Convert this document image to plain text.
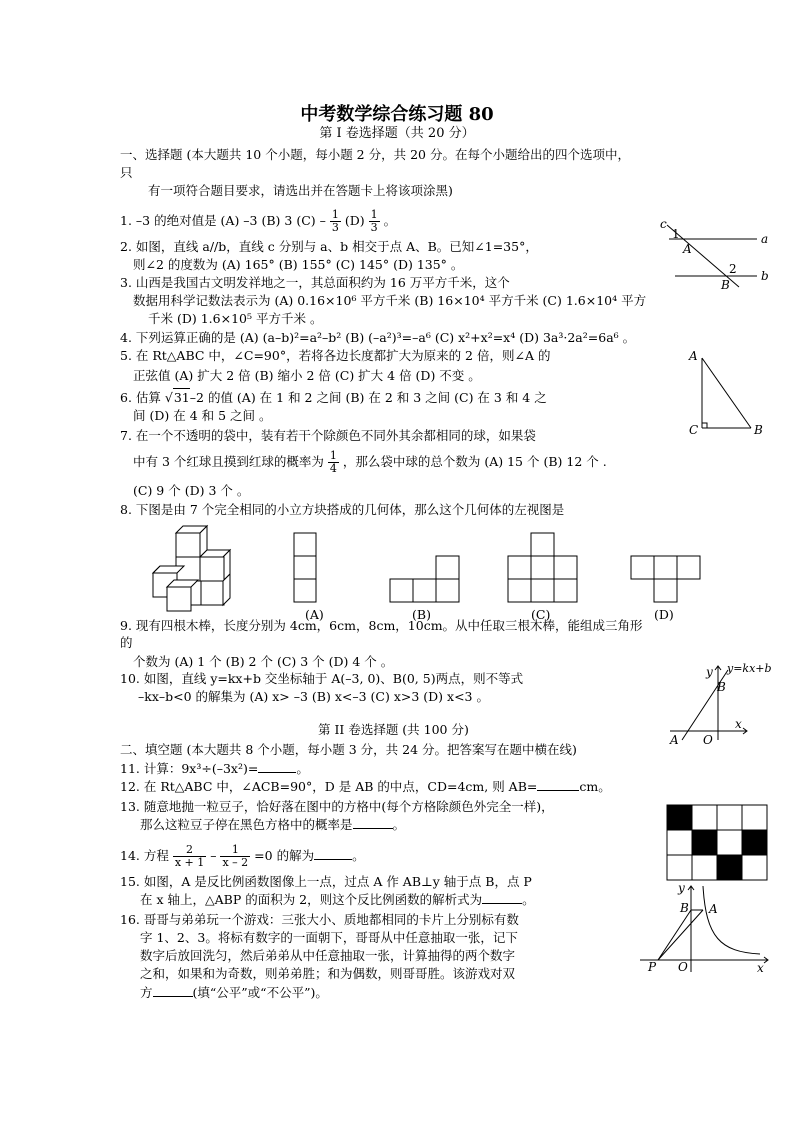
中考数学综合练习题 80
第 I 卷选择题（共 20 分）
一、选择题 (本大题共 10 个小题，每小题 2 分，共 20 分。在每个小题给出的四个选项中，
只
有一项符合题目要求，请选出并在答题卡上将该项涂黑)
1. –3 的绝对值是 (A) –3 (B) 3 $(C) - \frac{1}{3} (D) \frac{1}{3}$ 。
2. 如图，直线 a//b，直线 c 分别与 a、b 相交于点 A、B。已知∠1=35°，
则∠2 的度数为 (A) 165° (B) 155° (C) 145° (D) 135° 。
3. 山西是我国古文明发祥地之一，其总面积约为 16 万平方千米，这个
数据用科学记数法表示为 (A) 0.16×10⁶ 平方千米 (B) 16×10⁴ 平方千米 (C) 1.6×10⁴ 平方
千米 (D) 1.6×10⁵ 平方千米 。
4. 下列运算正确的是 (A) (a–b)²=a²–b² (B) (–a²)³=–a⁶ (C) x²+x²=x⁴ (D) 3a³·2a²=6a⁶ 。
5. 在 Rt△ABC 中，∠C=90°，若将各边长度都扩大为原来的 2 倍，则∠A 的
正弦值 (A) 扩大 2 倍 (B) 缩小 2 倍 (C) 扩大 4 倍 (D) 不变 。
6. 估算 √31–2 的值 (A) 在 1 和 2 之间 (B) 在 2 和 3 之间 (C) 在 3 和 4 之
间 (D) 在 4 和 5 之间 。
7. 在一个不透明的袋中，装有若干个除颜色不同外其余都相同的球，如果袋
中有 3 个红球且摸到红球的概率为 $\frac{1}{4}$ ，那么袋中球的总个数为 (A) 15 个 (B) 12 个 .
(C) 9 个 (D) 3 个 。
8. 下图是由 7 个完全相同的小立方块搭成的几何体，那么这个几何体的左视图是
9. 现有四根木棒，长度分别为 4cm，6cm，8cm，10cm。从中任取三根木棒，能组成三角形
的
个数为 (A) 1 个 (B) 2 个 (C) 3 个 (D) 4 个 。
(A)	(B)	(C)	(D)
10. 如图，直线 y=kx+b 交坐标轴于 A(–3, 0)、B(0, 5)两点，则不等式
–kx–b<0 的解集为 (A) x> –3 (B) x<–3 (C) x>3 (D) x<3 。
第 II 卷选择题 (共 100 分)
二、填空题 (本大题共 8 个小题，每小题 3 分，共 24 分。把答案写在题中横在线)
11. 计算：9x³÷(–3x²)=	。
12. 在 Rt△ABC 中，∠ACB=90°，D 是 AB 的中点，CD=4cm, 则 AB=	cm。
13. 随意地抛一粒豆子，恰好落在图中的方格中(每个方格除颜色外完全一样)，
那么这粒豆子停在黑色方格中的概率是	。
14. 方程 $\frac{2}{x + 1} - \frac{1}{x - 2} =0$ 的解为	。
15. 如图，A 是反比例函数图像上一点，过点 A 作 AB⊥y 轴于点 B，点 P
在 x 轴上，△ABP 的面积为 2，则这个反比例函数的解析式为	。
16. 哥哥与弟弟玩一个游戏：三张大小、质地都相同的卡片上分别标有数
字 1、2、3。将标有数字的一面朝下，哥哥从中任意抽取一张，记下
数字后放回洗匀，然后弟弟从中任意抽取一张，计算抽得的两个数字
之和，如果和为奇数，则弟弟胜；和为偶数，则哥哥胜。该游戏对双
方	(填“公平”或“不公平”)。
c
1
A
a
2 b
B
A
C	B
y y=kx+b
B
x
A O
y
B A
P O	x
